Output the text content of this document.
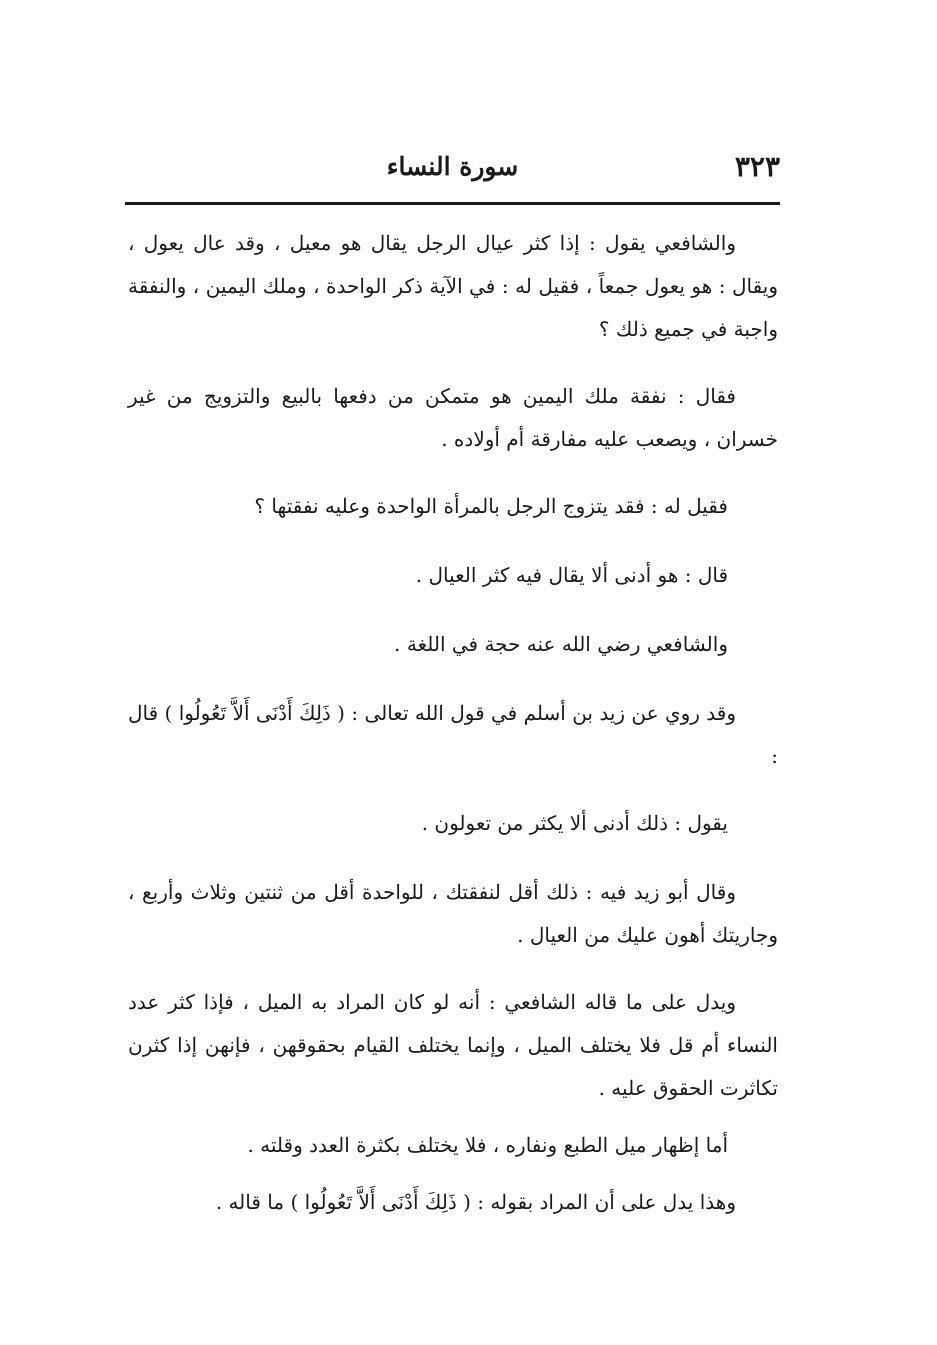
٣٢٣
سورة النساء

والشافعي يقول : إذا كثر عيال الرجل يقال هو معيل ، وقد عال يعول ، ويقال : هو يعول جمعاً ، فقيل له : في الآية ذكر الواحدة ، وملك اليمين ، والنفقة واجبة في جميع ذلك ؟

فقال : نفقة ملك اليمين هو متمكن من دفعها بالبيع والتزويج من غير خسران ، ويصعب عليه مفارقة أم أولاده .

فقيل له : فقد يتزوج الرجل بالمرأة الواحدة وعليه نفقتها ؟

قال : هو أدنى ألا يقال فيه كثر العيال .

والشافعي رضي الله عنه حجة في اللغة .

وقد روي عن زيد بن أسلم في قول الله تعالى : ( ذَلِكَ أَدْنَى أَلاَّ تَعُولُوا ) قال :

يقول : ذلك أدنى ألا يكثر من تعولون .

وقال أبو زيد فيه : ذلك أقل لنفقتك ، للواحدة أقل من ثنتين وثلاث وأربع ، وجاريتك أهون عليك من العيال .

ويدل على ما قاله الشافعي : أنه لو كان المراد به الميل ، فإذا كثر عدد النساء أم قل فلا يختلف الميل ، وإنما يختلف القيام بحقوقهن ، فإنهن إذا كثرن تكاثرت الحقوق عليه .

أما إظهار ميل الطبع ونفاره ، فلا يختلف بكثرة العدد وقلته .

وهذا يدل على أن المراد بقوله : ( ذَلِكَ أَدْنَى أَلاَّ تَعُولُوا ) ما قاله .
